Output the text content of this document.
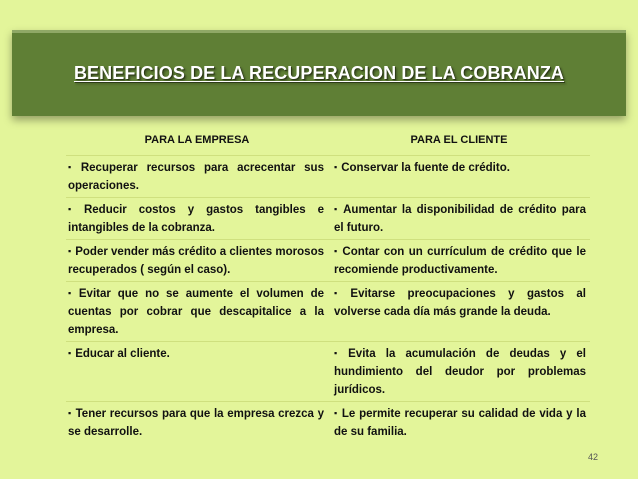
BENEFICIOS DE LA RECUPERACION DE LA COBRANZA
PARA LA EMPRESA	PARA EL CLIENTE
▪ Recuperar recursos para acrecentar sus operaciones.	▪ Conservar la fuente de crédito.
▪ Reducir costos y gastos tangibles e intangibles de la cobranza.	▪ Aumentar la disponibilidad de crédito para el futuro.
▪ Poder vender más crédito a clientes morosos recuperados ( según el caso).	▪ Contar con un currículum de crédito que le recomiende productivamente.
▪ Evitar que no se aumente el volumen de cuentas por cobrar que descapitalice a la empresa.	▪ Evitarse preocupaciones y gastos al volverse cada día más grande la deuda.
▪ Educar al cliente.	▪ Evita la acumulación de deudas y el hundimiento del deudor por problemas jurídicos.
▪ Tener recursos para que la empresa crezca y se desarrolle.	▪ Le permite recuperar su calidad de vida y la de su familia.
42
